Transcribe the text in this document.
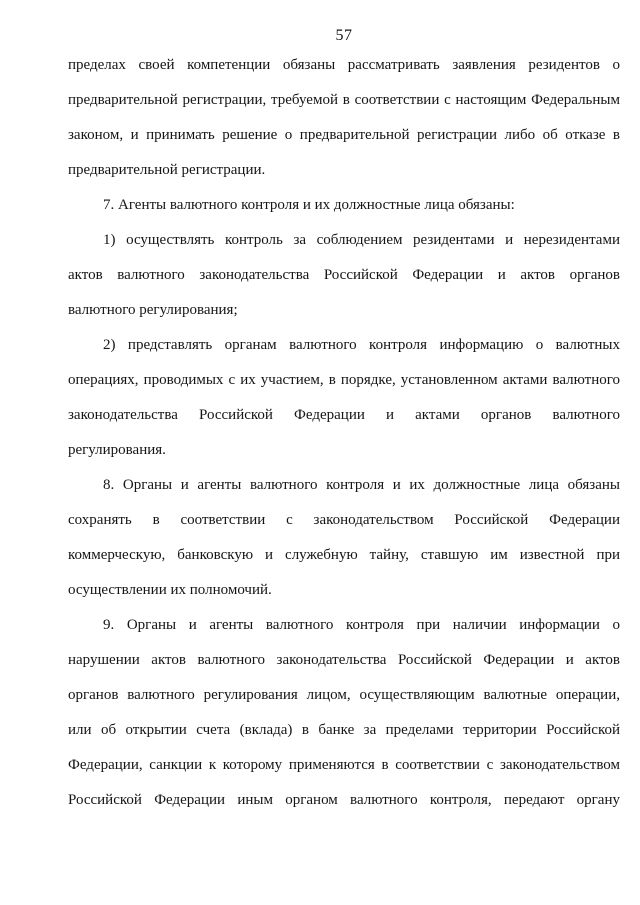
57
пределах своей компетенции обязаны рассматривать заявления резидентов о
предварительной регистрации, требуемой в соответствии с настоящим Федеральным
законом, и принимать решение о предварительной регистрации либо об отказе в
предварительной регистрации.
7. Агенты валютного контроля и их должностные лица обязаны:
1) осуществлять контроль за соблюдением резидентами и нерезидентами
актов валютного законодательства Российской Федерации и актов органов
валютного регулирования;
2) представлять органам валютного контроля информацию о валютных
операциях, проводимых с их участием, в порядке, установленном актами валютного
законодательства Российской Федерации и актами органов валютного
регулирования.
8. Органы и агенты валютного контроля и их должностные лица обязаны
сохранять в соответствии с законодательством Российской Федерации
коммерческую, банковскую и служебную тайну, ставшую им известной при
осуществлении их полномочий.
9. Органы и агенты валютного контроля при наличии информации о
нарушении актов валютного законодательства Российской Федерации и актов
органов валютного регулирования лицом, осуществляющим валютные операции,
или об открытии счета (вклада) в банке за пределами территории Российской
Федерации, санкции к которому применяются в соответствии с законодательством
Российской Федерации иным органом валютного контроля, передают органу
